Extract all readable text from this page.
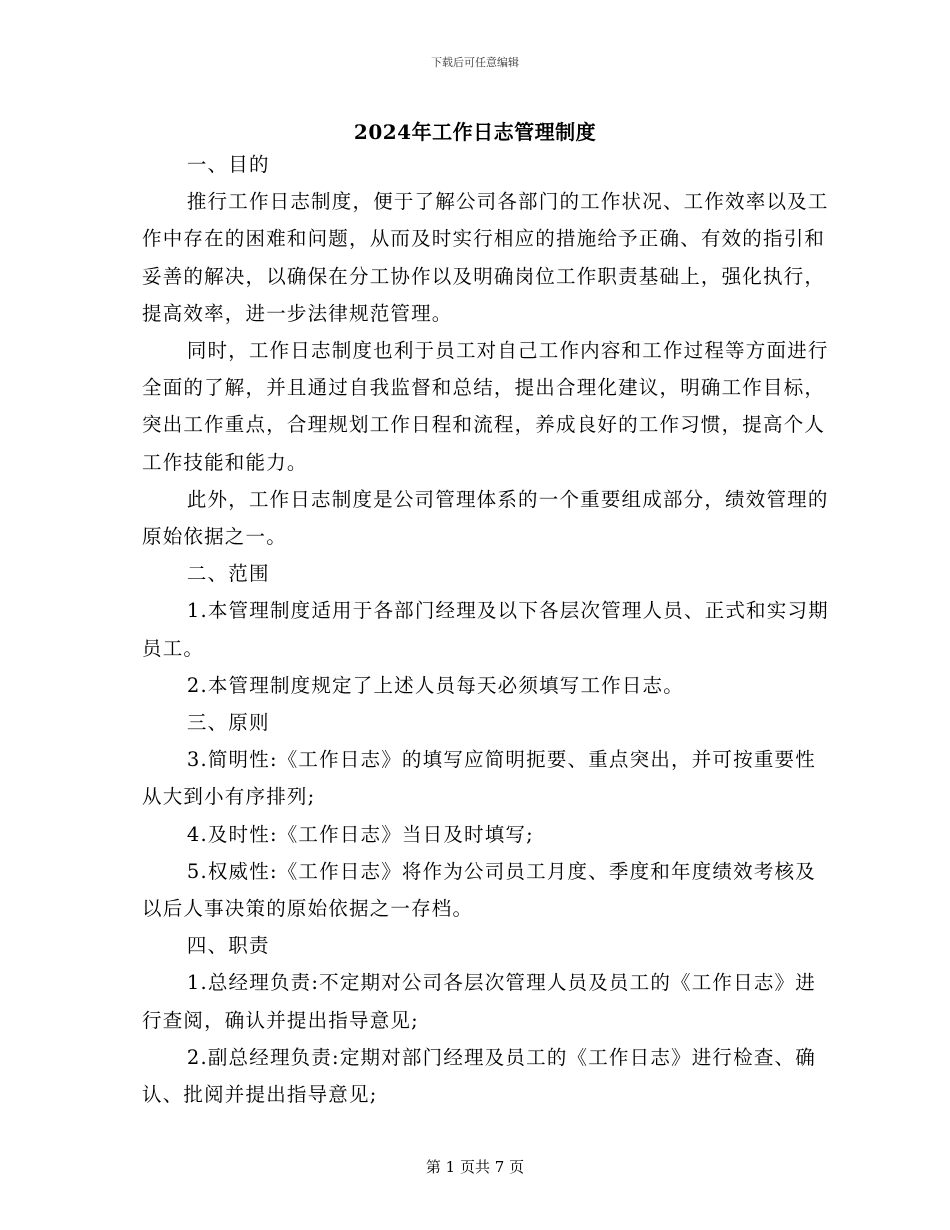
下载后可任意编辑
2024年工作日志管理制度

一、目的

推行工作日志制度，便于了解公司各部门的工作状况、工作效率以及工作中存在的困难和问题，从而及时实行相应的措施给予正确、有效的指引和妥善的解决，以确保在分工协作以及明确岗位工作职责基础上，强化执行，提高效率，进一步法律规范管理。

同时，工作日志制度也利于员工对自己工作内容和工作过程等方面进行全面的了解，并且通过自我监督和总结，提出合理化建议，明确工作目标，突出工作重点，合理规划工作日程和流程，养成良好的工作习惯，提高个人工作技能和能力。

此外，工作日志制度是公司管理体系的一个重要组成部分，绩效管理的原始依据之一。

二、范围

1.本管理制度适用于各部门经理及以下各层次管理人员、正式和实习期员工。

2.本管理制度规定了上述人员每天必须填写工作日志。

三、原则

3.简明性:《工作日志》的填写应简明扼要、重点突出，并可按重要性从大到小有序排列;

4.及时性:《工作日志》当日及时填写;

5.权威性:《工作日志》将作为公司员工月度、季度和年度绩效考核及以后人事决策的原始依据之一存档。

四、职责

1.总经理负责:不定期对公司各层次管理人员及员工的《工作日志》进行查阅，确认并提出指导意见;

2.副总经理负责:定期对部门经理及员工的《工作日志》进行检查、确认、批阅并提出指导意见;

第 1 页共 7 页
